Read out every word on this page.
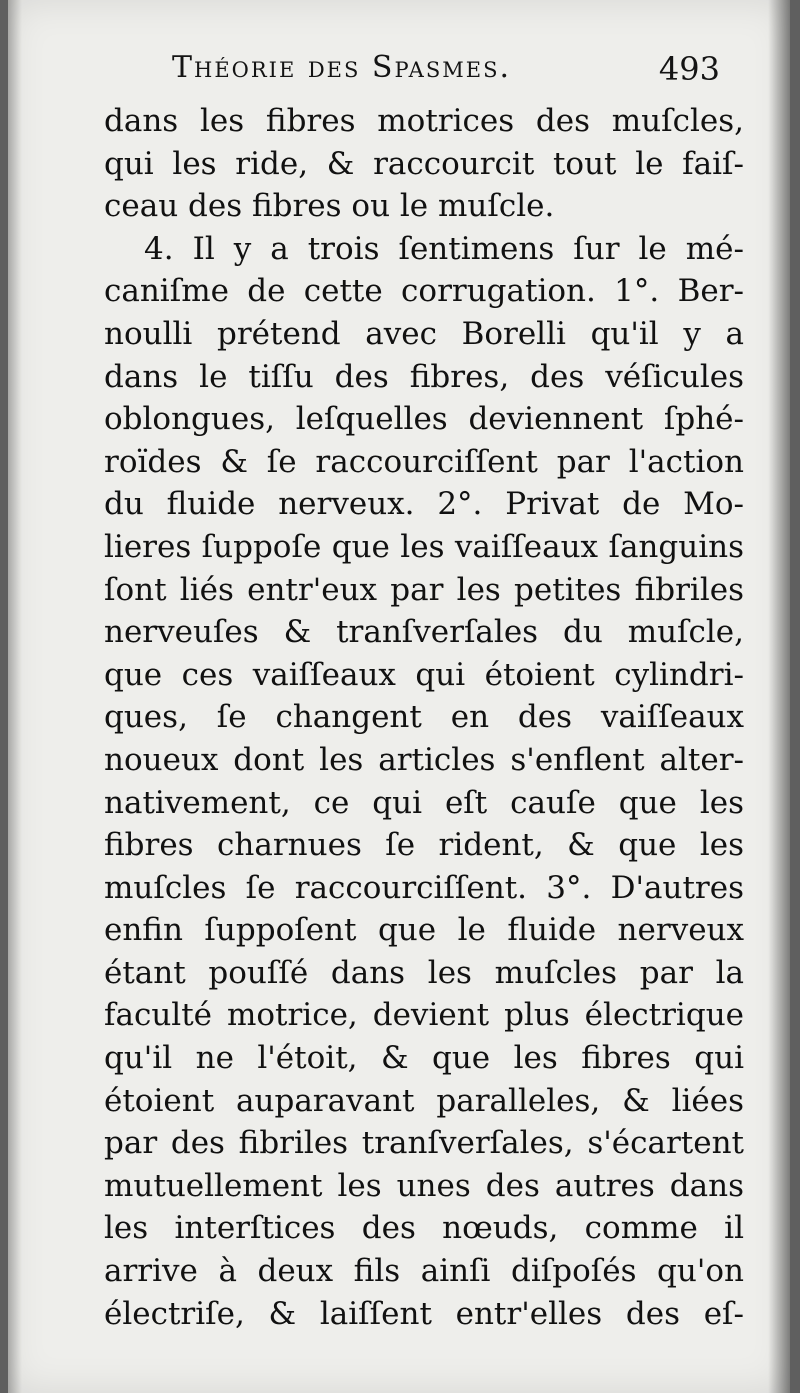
Théorie des Spasmes.	493
dans les fibres motrices des muſcles,
qui les ride, & raccourcit tout le faiſ-
ceau des fibres ou le muſcle.
4. Il y a trois ſentimens ſur le mé-
caniſme de cette corrugation. 1°. Ber-
noulli prétend avec Borelli qu'il y a
dans le tiſſu des fibres, des véſicules
oblongues, leſquelles deviennent ſphé-
roïdes & ſe raccourciſſent par l'action
du fluide nerveux. 2°. Privat de Mo-
lieres ſuppoſe que les vaiſſeaux ſanguins
ſont liés entr'eux par les petites fibriles
nerveuſes & tranſverſales du muſcle,
que ces vaiſſeaux qui étoient cylindri-
ques, ſe changent en des vaiſſeaux
noueux dont les articles s'enflent alter-
nativement, ce qui eſt cauſe que les
fibres charnues ſe rident, & que les
muſcles ſe raccourciſſent. 3°. D'autres
enfin ſuppoſent que le fluide nerveux
étant pouſſé dans les muſcles par la
faculté motrice, devient plus électrique
qu'il ne l'étoit, & que les fibres qui
étoient auparavant paralleles, & liées
par des fibriles tranſverſales, s'écartent
mutuellement les unes des autres dans
les interſtices des nœuds, comme il
arrive à deux fils ainſi diſpoſés qu'on
électriſe, & laiſſent entr'elles des eſ-
